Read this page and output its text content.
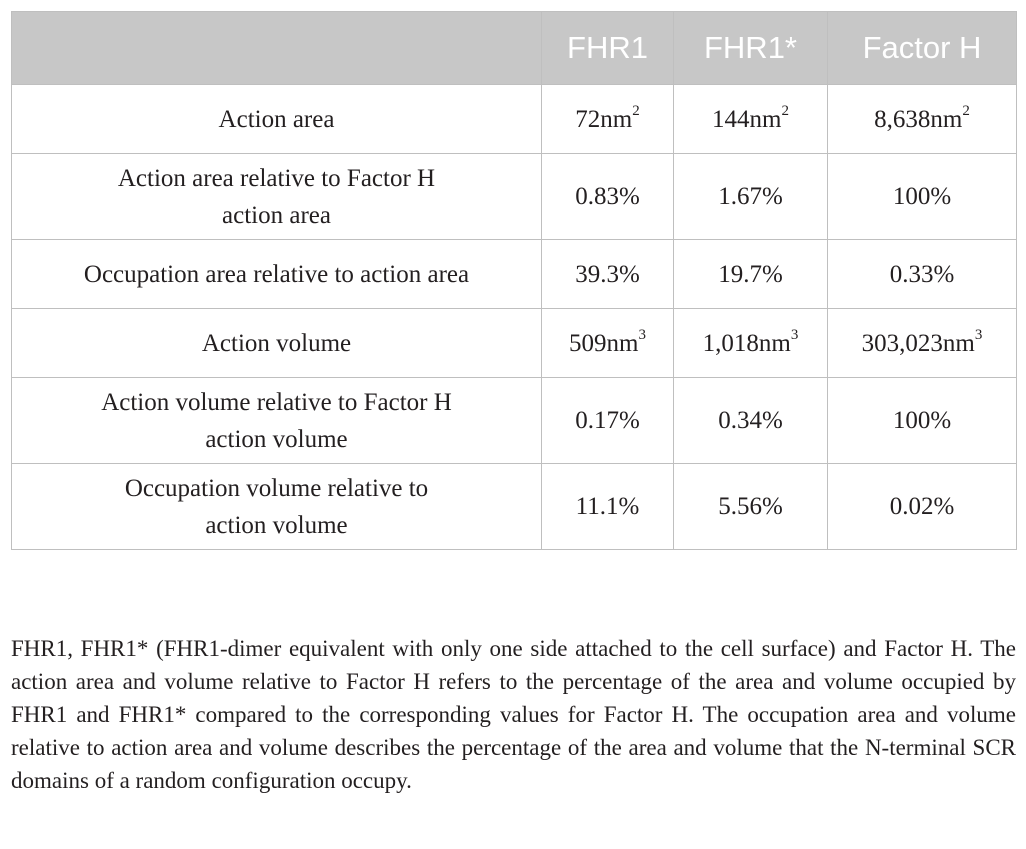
	FHR1	FHR1*	Factor H
Action area	$72nm^2$	$144nm^2$	$8,638nm^2$
Action area relative to Factor H
action area	0.83%	1.67%	100%
Occupation area relative to action area	39.3%	19.7%	0.33%
Action volume	$509nm^3$	$1,018nm^3$	$303,023nm^3$
Action volume relative to Factor H
action volume	0.17%	0.34%	100%
Occupation volume relative to
action volume	11.1%	5.56%	0.02%

FHR1, FHR1* (FHR1-dimer equivalent with only one side attached to the cell surface) and Factor H. The action area and volume relative to Factor H refers to the percentage of the area and volume occupied by FHR1 and FHR1* compared to the corresponding values for Factor H. The occupation area and volume relative to action area and volume describes the percentage of the area and volume that the N-terminal SCR domains of a random configuration occupy.
